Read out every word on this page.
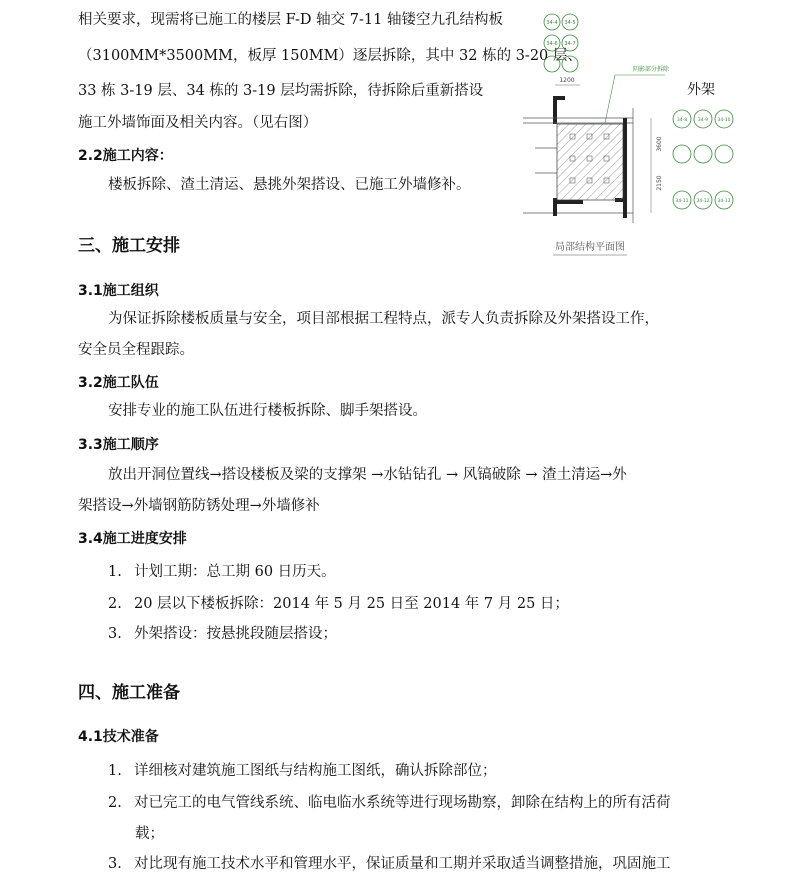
相关要求，现需将已施工的楼层 F-D 轴交 7-11 轴镂空九孔结构板
（3100MM*3500MM，板厚 150MM）逐层拆除，其中 32 栋的 3-20 层、
33 栋 3-19 层、34 栋的 3-19 层均需拆除，待拆除后重新搭设
施工外墙饰面及相关内容。（见右图）
2.2施工内容：
楼板拆除、渣土清运、悬挑外架搭设、已施工外墙修补。
34-4 34-5
34-6 34-7
阴影部分拆除
1200
3600
2150
外架
34-8 34-9 34-10
34-11 34-12 34-13
局部结构平面图
三、施工安排
3.1施工组织
为保证拆除楼板质量与安全，项目部根据工程特点，派专人负责拆除及外架搭设工作，
安全员全程跟踪。
3.2施工队伍
安排专业的施工队伍进行楼板拆除、脚手架搭设。
3.3施工顺序
放出开洞位置线→搭设楼板及梁的支撑架 →水钻钻孔 → 风镐破除 → 渣土清运→外
架搭设→外墙钢筋防锈处理→外墙修补
3.4施工进度安排
1. 计划工期：总工期 60 日历天。
2. 20 层以下楼板拆除：2014 年 5 月 25 日至 2014 年 7 月 25 日；
3. 外架搭设：按悬挑段随层搭设；
四、施工准备
4.1技术准备
1. 详细核对建筑施工图纸与结构施工图纸，确认拆除部位；
2. 对已完工的电气管线系统、临电临水系统等进行现场勘察，卸除在结构上的所有活荷
载；
3. 对比现有施工技术水平和管理水平，保证质量和工期并采取适当调整措施，巩固施工
